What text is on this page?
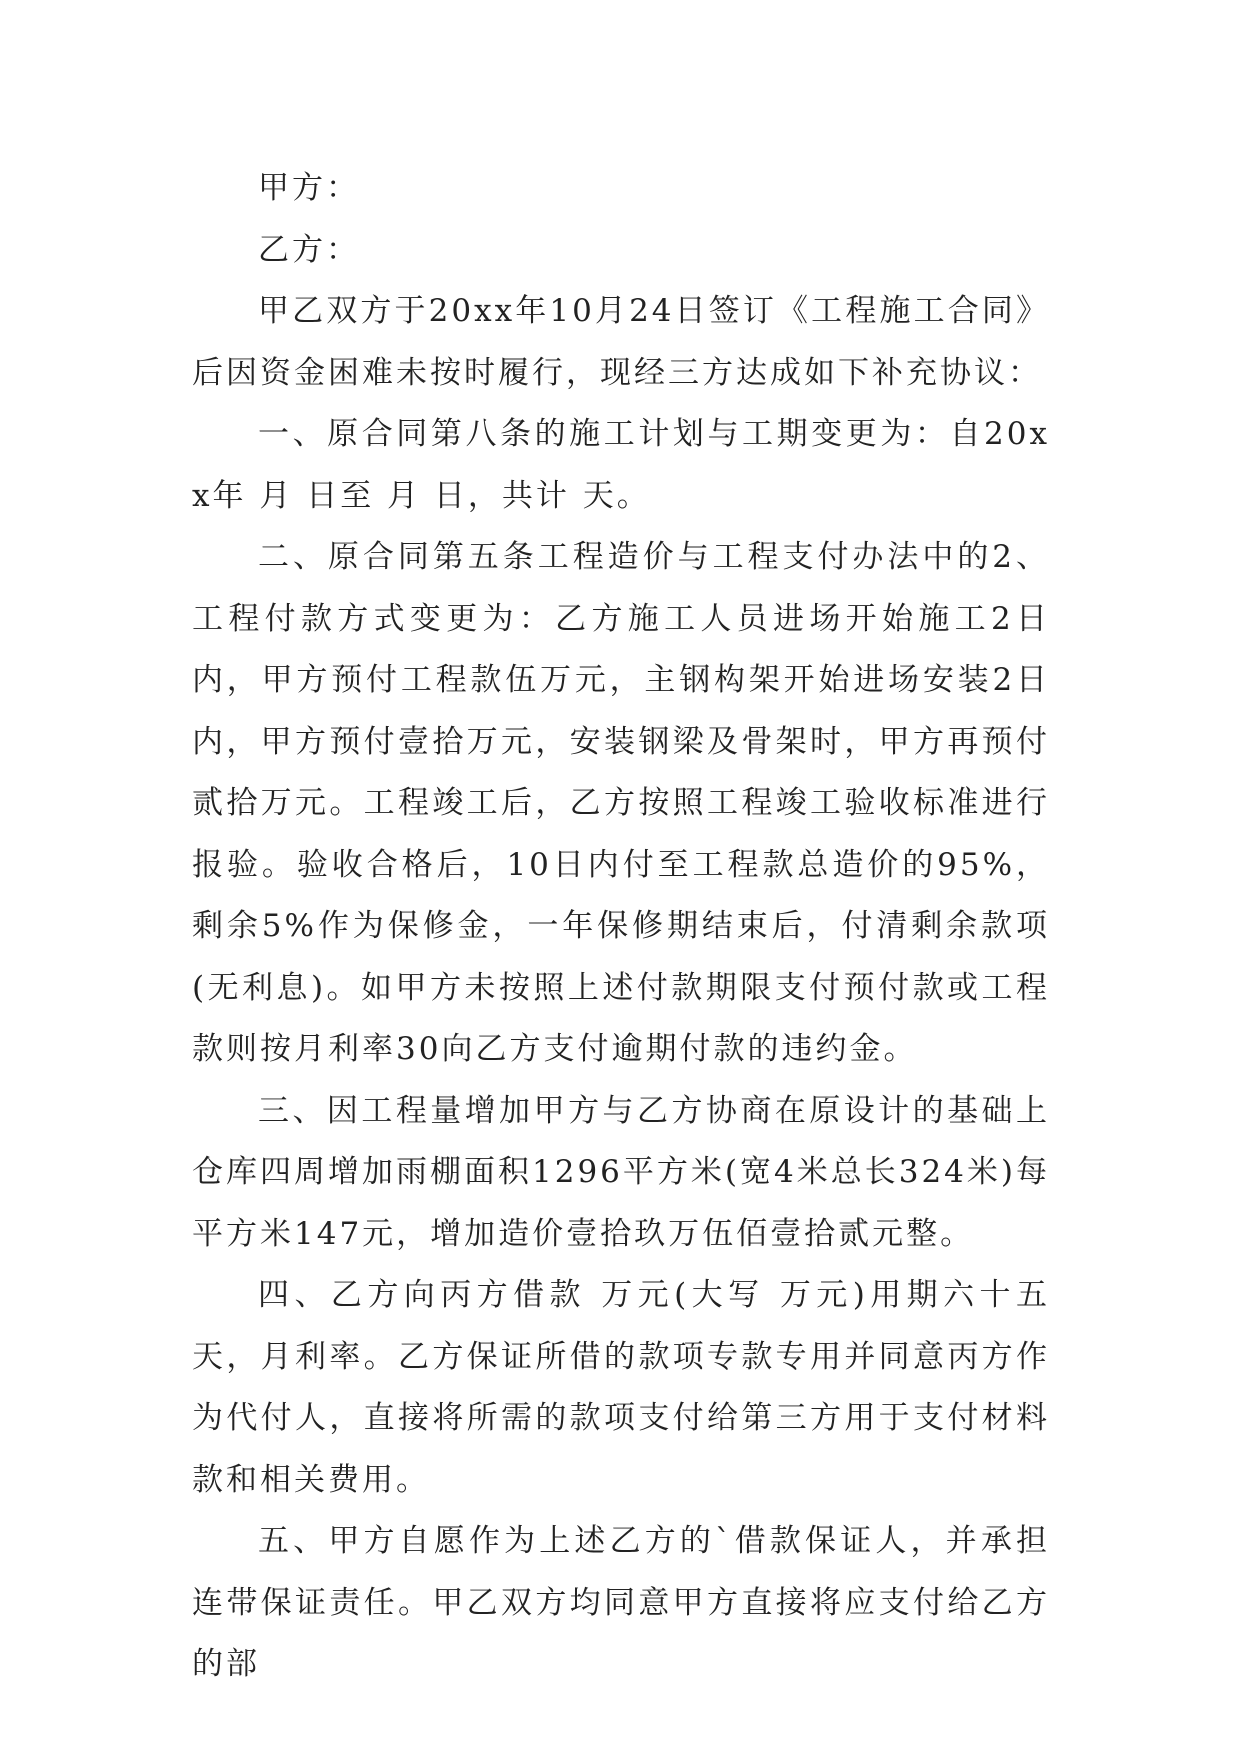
甲方：

乙方：

甲乙双方于20xx年10月24日签订《工程施工合同》后因资金困难未按时履行，现经三方达成如下补充协议：

一、原合同第八条的施工计划与工期变更为：自20xx年 月 日至 月 日，共计 天。

二、原合同第五条工程造价与工程支付办法中的2、工程付款方式变更为：乙方施工人员进场开始施工2日内，甲方预付工程款伍万元，主钢构架开始进场安装2日内，甲方预付壹拾万元，安装钢梁及骨架时，甲方再预付贰拾万元。工程竣工后，乙方按照工程竣工验收标准进行报验。验收合格后，10日内付至工程款总造价的95%，剩余5%作为保修金，一年保修期结束后，付清剩余款项(无利息)。如甲方未按照上述付款期限支付预付款或工程款则按月利率30向乙方支付逾期付款的违约金。

三、因工程量增加甲方与乙方协商在原设计的基础上仓库四周增加雨棚面积1296平方米(宽4米总长324米)每平方米147元，增加造价壹拾玖万伍佰壹拾贰元整。

四、乙方向丙方借款 万元(大写 万元)用期六十五天，月利率。乙方保证所借的款项专款专用并同意丙方作为代付人，直接将所需的款项支付给第三方用于支付材料款和相关费用。

五、甲方自愿作为上述乙方的`借款保证人，并承担连带保证责任。甲乙双方均同意甲方直接将应支付给乙方的部
